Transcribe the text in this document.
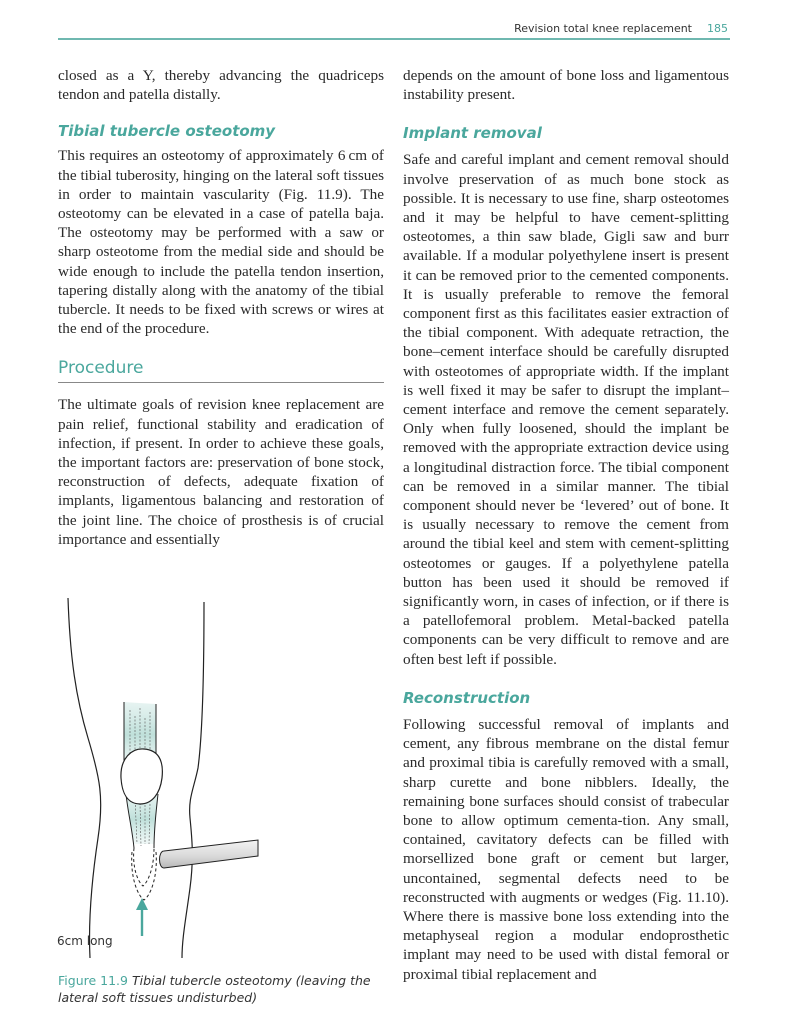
Revision total knee replacement 185

closed as a Y, thereby advancing the quadriceps tendon and patella distally.

Tibial tubercle osteotomy

This requires an osteotomy of approximately 6 cm of the tibial tuberosity, hinging on the lateral soft tissues in order to maintain vascularity (Fig. 11.9). The osteotomy can be elevated in a case of patella baja. The osteotomy may be performed with a saw or sharp osteotome from the medial side and should be wide enough to include the patella tendon insertion, tapering distally along with the anatomy of the tibial tubercle. It needs to be fixed with screws or wires at the end of the procedure.

Procedure

The ultimate goals of revision knee replacement are pain relief, functional stability and eradication of infection, if present. In order to achieve these goals, the important factors are: preservation of bone stock, reconstruction of defects, adequate fixation of implants, ligamentous balancing and restoration of the joint line. The choice of prosthesis is of crucial importance and essentially

6cm long
Figure 11.9 Tibial tubercle osteotomy (leaving the lateral soft tissues undisturbed)

depends on the amount of bone loss and ligamentous instability present.

Implant removal

Safe and careful implant and cement removal should involve preservation of as much bone stock as possible. It is necessary to use fine, sharp osteotomes and it may be helpful to have cement-splitting osteotomes, a thin saw blade, Gigli saw and burr available. If a modular polyethylene insert is present it can be removed prior to the cemented components. It is usually preferable to remove the femoral component first as this facilitates easier extraction of the tibial component. With adequate retraction, the bone–cement interface should be carefully disrupted with osteotomes of appropriate width. If the implant is well fixed it may be safer to disrupt the implant–cement interface and remove the cement separately. Only when fully loosened, should the implant be removed with the appropriate extraction device using a longitudinal distraction force. The tibial component can be removed in a similar manner. The tibial component should never be ‘levered’ out of bone. It is usually necessary to remove the cement from around the tibial keel and stem with cement-splitting osteotomes or gauges. If a polyethylene patella button has been used it should be removed if significantly worn, in cases of infection, or if there is a patellofemoral problem. Metal-backed patella components can be very difficult to remove and are often best left if possible.

Reconstruction

Following successful removal of implants and cement, any fibrous membrane on the distal femur and proximal tibia is carefully removed with a small, sharp curette and bone nibblers. Ideally, the remaining bone surfaces should consist of trabecular bone to allow optimum cementa-tion. Any small, contained, cavitatory defects can be filled with morsellized bone graft or cement but larger, uncontained, segmental defects need to be reconstructed with augments or wedges (Fig. 11.10). Where there is massive bone loss extending into the metaphyseal region a modular endoprosthetic implant may need to be used with distal femoral or proximal tibial replacement and
